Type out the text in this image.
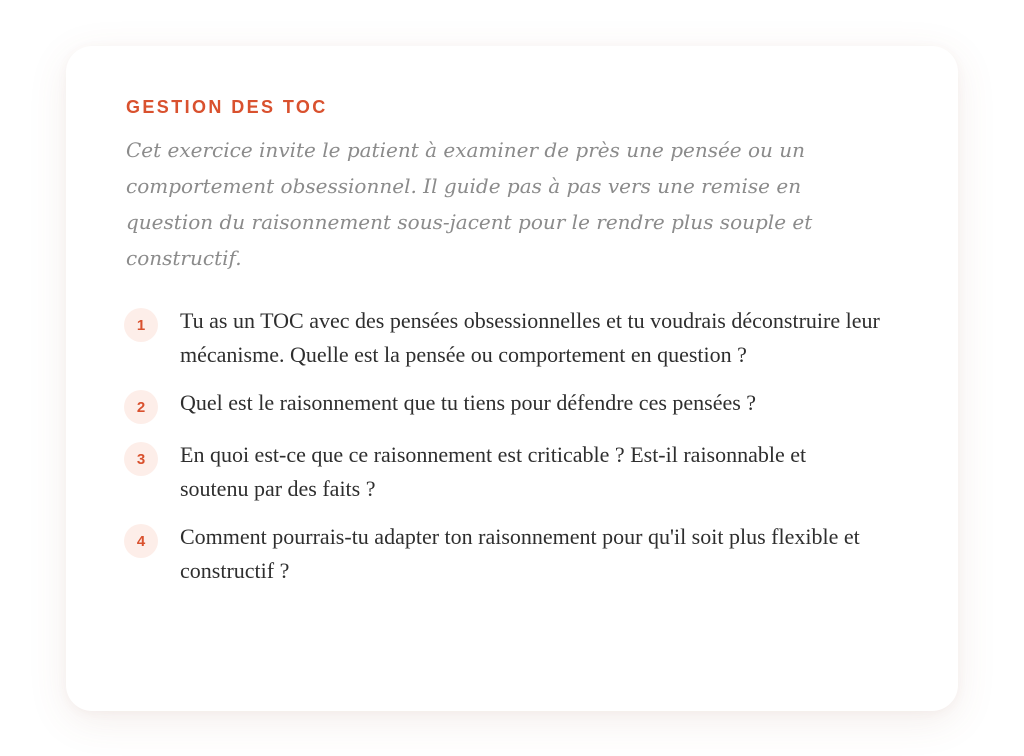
GESTION DES TOC

Cet exercice invite le patient à examiner de près une pensée ou un comportement obsessionnel. Il guide pas à pas vers une remise en question du raisonnement sous-jacent pour le rendre plus souple et constructif.

1	Tu as un TOC avec des pensées obsessionnelles et tu voudrais déconstruire leur mécanisme. Quelle est la pensée ou comportement en question ?
2	Quel est le raisonnement que tu tiens pour défendre ces pensées ?
3	En quoi est-ce que ce raisonnement est criticable ? Est-il raisonnable et soutenu par des faits ?
4	Comment pourrais-tu adapter ton raisonnement pour qu'il soit plus flexible et constructif ?
